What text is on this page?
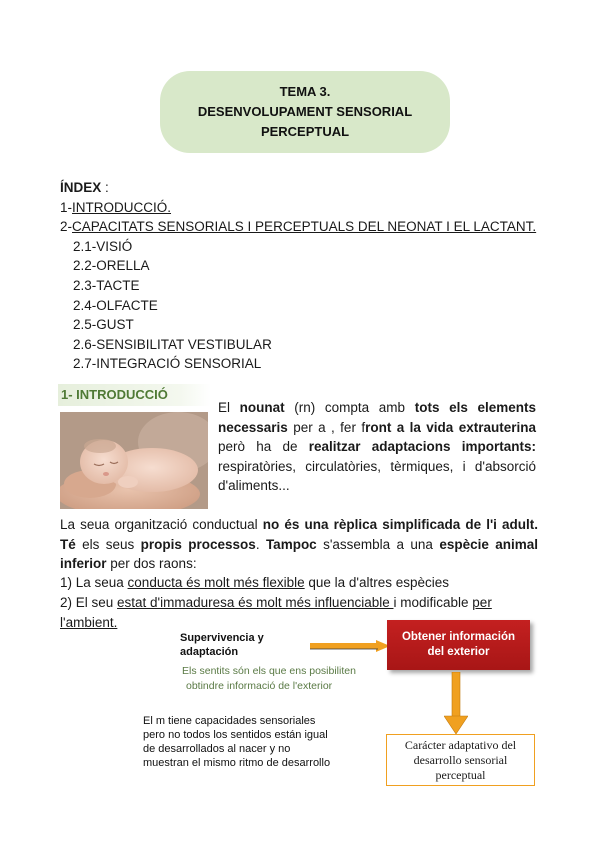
TEMA 3.
DESENVOLUPAMENT SENSORIAL
PERCEPTUAL
ÍNDEX :
1-INTRODUCCIÓ.
2-CAPACITATS SENSORIALS I PERCEPTUALS DEL NEONAT I EL LACTANT.
2.1-VISIÓ
2.2-ORELLA
2.3-TACTE
2.4-OLFACTE
2.5-GUST
2.6-SENSIBILITAT VESTIBULAR
2.7-INTEGRACIÓ SENSORIAL
1- INTRODUCCIÓ
El nounat (rn) compta amb tots els elements necessaris per a , fer front a la vida extrauterina però ha de realitzar adaptacions importants: respiratòries, circulatòries, tèrmiques, i d'absorció d'aliments...
La seua organització conductual no és una rèplica simplificada de l'i adult. Té els seus propis processos. Tampoc s'assembla a una espècie animal inferior per dos raons:
1) La seua conducta és molt més flexible que la d'altres espècies
2) El seu estat d'immaduresa és molt més influenciable i modificable per l'ambient.
Supervivencia y
adaptación
Obtener información
del exterior
Els sentits són els que ens posibiliten
obtindre informació de l'exterior
El m tiene capacidades sensoriales
pero no todos los sentidos están igual
de desarrollados al nacer y no
muestran el mismo ritmo de desarrollo
Carácter adaptativo del
desarrollo sensorial
perceptual
